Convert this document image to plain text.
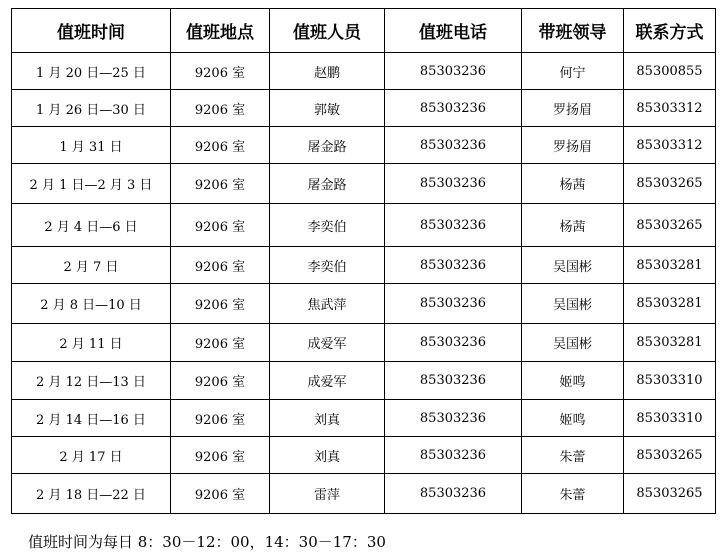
值班时间	值班地点	值班人员	值班电话	带班领导	联系方式
1 月 20 日—25 日	9206 室	赵鹏	85303236	何宁	85300855
1 月 26 日—30 日	9206 室	郭敏	85303236	罗扬眉	85303312
1 月 31 日	9206 室	屠金路	85303236	罗扬眉	85303312
2 月 1 日—2 月 3 日	9206 室	屠金路	85303236	杨茜	85303265
2 月 4 日—6 日	9206 室	李奕伯	85303236	杨茜	85303265
2 月 7 日	9206 室	李奕伯	85303236	吴国彬	85303281
2 月 8 日—10 日	9206 室	焦武萍	85303236	吴国彬	85303281
2 月 11 日	9206 室	成爱军	85303236	吴国彬	85303281
2 月 12 日—13 日	9206 室	成爱军	85303236	姬鸣	85303310
2 月 14 日—16 日	9206 室	刘真	85303236	姬鸣	85303310
2 月 17 日	9206 室	刘真	85303236	朱蕾	85303265
2 月 18 日—22 日	9206 室	雷萍	85303236	朱蕾	85303265
值班时间为每日 8：30－12：00，14：30－17：30
